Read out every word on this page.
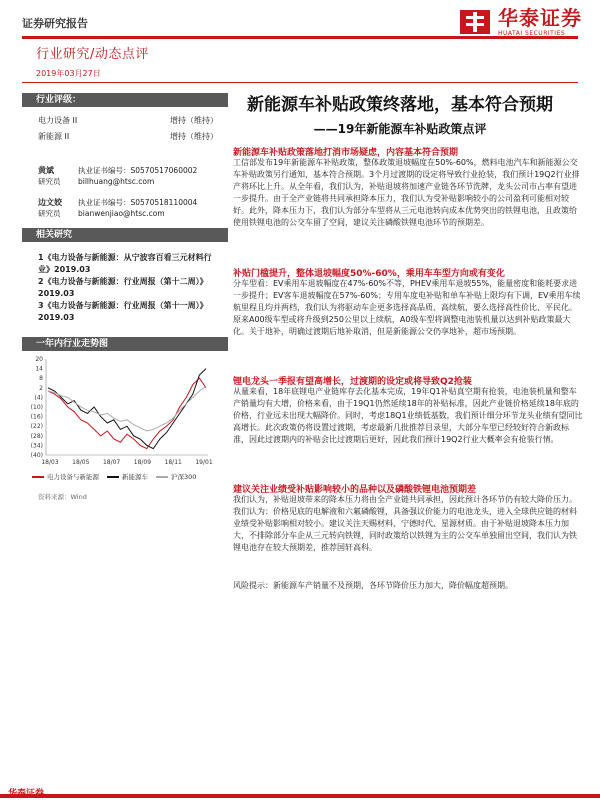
证券研究报告	华泰证券
HUATAI SECURITIES
行业研究/动态点评
2019年03月27日
行业评级：
电力设备 II	增持（维持）
新能源 II	增持（维持）
黄斌
研究员
执业证书编号：S0570517060002
billhuang@htsc.com
边文姣
研究员
执业证书编号：S0570518110004
bianwenjiao@htsc.com
相关研究
1《电力设备与新能源：从宁波容百看三元材料行业》2019.03
2《电力设备与新能源：行业周报（第十二周）》2019.03
3《电力设备与新能源：行业周报（第十一周）》2019.03
一年内行业走势图
20
14
8
2
(4)
(10)
(16)
(22)
(28)
(34)
(40)
18/03 18/05 18/07 18/09 18/11 19/01
电力设备与新能源	新能源车	沪深300
资料来源：Wind
新能源车补贴政策终落地，基本符合预期
——19年新能源车补贴政策点评
新能源车补贴政策落地打消市场疑虑，内容基本符合预期
工信部发布19年新能源车补贴政策，整体政策退坡幅度在50%-60%，燃料电池汽车和新能源公交车补贴政策另行通知，基本符合预期。3个月过渡期的设定将导致行业抢装，我们预计19Q2行业排产将环比上升。从全年看，我们认为，补贴退坡将加速产业链各环节洗牌，龙头公司市占率有望进一步提升。由于全产业链将共同承担降本压力，我们认为受补贴影响较小的公司盈利可能相对较好。此外，降本压力下，我们认为部分车型将从三元电池转向成本优势突出的铁锂电池，且政策给使用铁锂电池的公交车留了空间，建议关注磷酸铁锂电池环节的预期差。
补贴门槛提升，整体退坡幅度50%-60%，乘用车车型方向或有变化
分车型看：EV乘用车退坡幅度在47%-60%不等，PHEV乘用车退坡55%，能量密度和能耗要求进一步提升；EV客车退坡幅度在57%-60%；专用车度电补贴和单车补贴上限均有下调，EV乘用车续航里程且均并两档，我们认为将驱动车企更多选择高品质、高续航，要么选择高性价比、平民化。原来A00级车型或将升级到250公里以上续航，A0级车型将调整电池装机量以达到补贴政策最大化。关于地补，明确过渡期后地补取消，但是新能源公交仍享地补，超市场预期。
锂电龙头一季报有望高增长，过渡期的设定或将导致Q2抢装
从量来看，18年底锂电产业链库存去化基本完成，19年Q1补贴真空期有抢装，电池装机量和整车产销量均有大增，价格来看，由于19Q1仍然延续18年的补贴标准，因此产业链价格延续18年底的价格，行业远未出现大幅降价。同时，考虑18Q1业绩低基数，我们预计细分环节龙头业绩有望同比高增长。此次政策仍将设置过渡期，考虑最新几批推荐目录里，大部分车型已经较好符合新政标准，因此过渡期内的补贴会比过渡期后更好，因此我们预计19Q2行业大概率会有抢装行情。
建议关注业绩受补贴影响较小的品种以及磷酸铁锂电池预期差
我们认为，补贴退坡带来的降本压力将由全产业链共同承担，因此预计各环节仍有较大降价压力。我们认为：价格见底的电解液和六氟磷酸锂，具备强议价能力的电池龙头，进入全球供应链的材料业绩受补贴影响相对较小。建议关注天赐材料、宁德时代、星源材质。由于补贴退坡降本压力加大，不排除部分车企从三元转向铁锂，同时政策给以铁锂为主的公交车单独留出空间，我们认为铁锂电池存在较大预期差，推荐国轩高科。
风险提示：新能源车产销量不及预期，各环节降价压力加大，降价幅度超预期。
